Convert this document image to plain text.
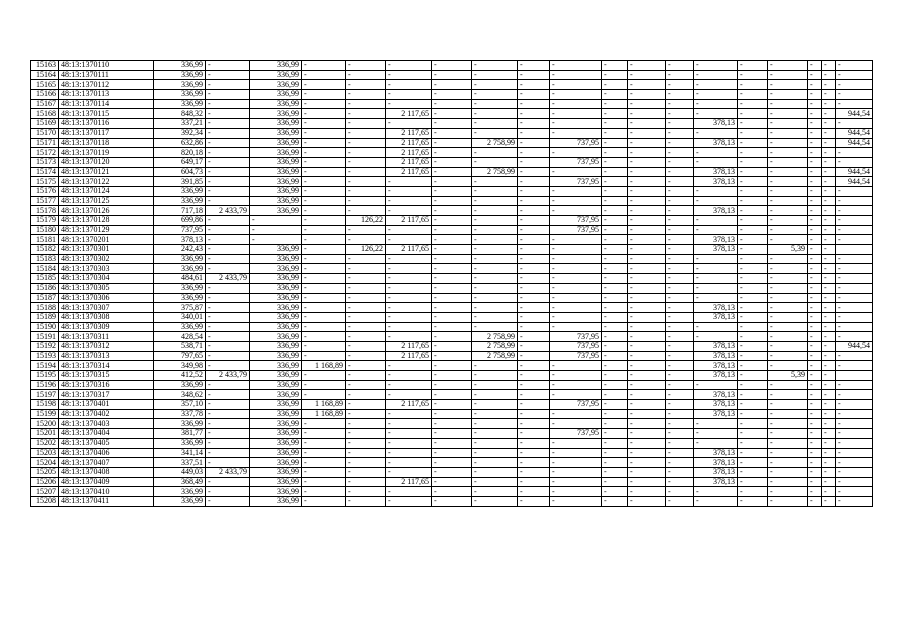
15163	48:13:1370110	336,99	-	336,99	-	-	-	-	-	-	-	-	-	-	-	-	-	-	-	-
15164	48:13:1370111	336,99	-	336,99	-	-	-	-	-	-	-	-	-	-	-	-	-	-	-	-
15165	48:13:1370112	336,99	-	336,99	-	-	-	-	-	-	-	-	-	-	-	-	-	-	-	-
15166	48:13:1370113	336,99	-	336,99	-	-	-	-	-	-	-	-	-	-	-	-	-	-	-	-
15167	48:13:1370114	336,99	-	336,99	-	-	-	-	-	-	-	-	-	-	-	-	-	-	-	-
15168	48:13:1370115	848,32	-	336,99	-	-	2 117,65	-	-	-	-	-	-	-	-	-	-	-	-	944,54
15169	48:13:1370116	337,21	-	336,99	-	-	-	-	-	-	-	-	-	-	378,13	-	-	-	-	-
15170	48:13:1370117	392,34	-	336,99	-	-	2 117,65	-	-	-	-	-	-	-	-	-	-	-	-	944,54
15171	48:13:1370118	632,86	-	336,99	-	-	2 117,65	-	2 758,99	-	737,95	-	-	-	378,13	-	-	-	-	944,54
15172	48:13:1370119	820,18	-	336,99	-	-	2 117,65	-	-	-	-	-	-	-	-	-	-	-	-	-
15173	48:13:1370120	649,17	-	336,99	-	-	2 117,65	-	-	-	737,95	-	-	-	-	-	-	-	-	-
15174	48:13:1370121	604,73	-	336,99	-	-	2 117,65	-	2 758,99	-	-	-	-	-	378,13	-	-	-	-	944,54
15175	48:13:1370122	391,85	-	336,99	-	-	-	-	-	-	737,95	-	-	-	378,13	-	-	-	-	944,54
15176	48:13:1370124	336,99	-	336,99	-	-	-	-	-	-	-	-	-	-	-	-	-	-	-	-
15177	48:13:1370125	336,99	-	336,99	-	-	-	-	-	-	-	-	-	-	-	-	-	-	-	-
15178	48:13:1370126	717,18	2 433,79	336,99	-	-	-	-	-	-	-	-	-	-	378,13	-	-	-	-	-
15179	48:13:1370128	699,86	-	-	-	126,22	2 117,65	-	-	-	737,95	-	-	-	-	-	-	-	-	-
15180	48:13:1370129	737,95	-	-	-	-	-	-	-	-	737,95	-	-	-	-	-	-	-	-	-
15181	48:13:1370201	378,13	-	-	-	-	-	-	-	-	-	-	-	-	378,13	-	-	-	-	-
15182	48:13:1370301	242,43	-	336,99	-	126,22	2 117,65	-	-	-	-	-	-	-	378,13	-	5,39	-	-	
15183	48:13:1370302	336,99	-	336,99	-	-	-	-	-	-	-	-	-	-	-	-	-	-	-	-
15184	48:13:1370303	336,99	-	336,99	-	-	-	-	-	-	-	-	-	-	-	-	-	-	-	-
15185	48:13:1370304	484,61	2 433,79	336,99	-	-	-	-	-	-	-	-	-	-	-	-	-	-	-	-
15186	48:13:1370305	336,99	-	336,99	-	-	-	-	-	-	-	-	-	-	-	-	-	-	-	-
15187	48:13:1370306	336,99	-	336,99	-	-	-	-	-	-	-	-	-	-	-	-	-	-	-	-
15188	48:13:1370307	375,87	-	336,99	-	-	-	-	-	-	-	-	-	-	378,13	-	-	-	-	-
15189	48:13:1370308	340,01	-	336,99	-	-	-	-	-	-	-	-	-	-	378,13	-	-	-	-	-
15190	48:13:1370309	336,99	-	336,99	-	-	-	-	-	-	-	-	-	-	-	-	-	-	-	-
15191	48:13:1370311	428,54	-	336,99	-	-	-	-	2 758,99	-	737,95	-	-	-	-	-	-	-	-	-
15192	48:13:1370312	538,71	-	336,99	-	-	2 117,65	-	2 758,99	-	737,95	-	-	-	378,13	-	-	-	-	944,54
15193	48:13:1370313	797,65	-	336,99	-	-	2 117,65	-	2 758,99	-	737,95	-	-	-	378,13	-	-	-	-	-
15194	48:13:1370314	349,98	-	336,99	1 168,89	-	-	-	-	-	-	-	-	-	378,13	-	-	-	-	-
15195	48:13:1370315	412,52	2 433,79	336,99	-	-	-	-	-	-	-	-	-	-	378,13	-	5,39	-	-	
15196	48:13:1370316	336,99	-	336,99	-	-	-	-	-	-	-	-	-	-	-	-	-	-	-	-
15197	48:13:1370317	348,62	-	336,99	-	-	-	-	-	-	-	-	-	-	378,13	-	-	-	-	-
15198	48:13:1370401	357,10	-	336,99	1 168,89	-	2 117,65	-	-	-	737,95	-	-	-	378,13	-	-	-	-	-
15199	48:13:1370402	337,78	-	336,99	1 168,89	-	-	-	-	-	-	-	-	-	378,13	-	-	-	-	-
15200	48:13:1370403	336,99	-	336,99	-	-	-	-	-	-	-	-	-	-	-	-	-	-	-	-
15201	48:13:1370404	381,77	-	336,99	-	-	-	-	-	-	737,95	-	-	-	-	-	-	-	-	-
15202	48:13:1370405	336,99	-	336,99	-	-	-	-	-	-	-	-	-	-	-	-	-	-	-	-
15203	48:13:1370406	341,14	-	336,99	-	-	-	-	-	-	-	-	-	-	378,13	-	-	-	-	-
15204	48:13:1370407	337,51	-	336,99	-	-	-	-	-	-	-	-	-	-	378,13	-	-	-	-	-
15205	48:13:1370408	449,03	2 433,79	336,99	-	-	-	-	-	-	-	-	-	-	378,13	-	-	-	-	-
15206	48:13:1370409	368,49	-	336,99	-	-	2 117,65	-	-	-	-	-	-	-	378,13	-	-	-	-	-
15207	48:13:1370410	336,99	-	336,99	-	-	-	-	-	-	-	-	-	-	-	-	-	-	-	-
15208	48:13:1370411	336,99	-	336,99	-	-	-	-	-	-	-	-	-	-	-	-	-	-	-	-
